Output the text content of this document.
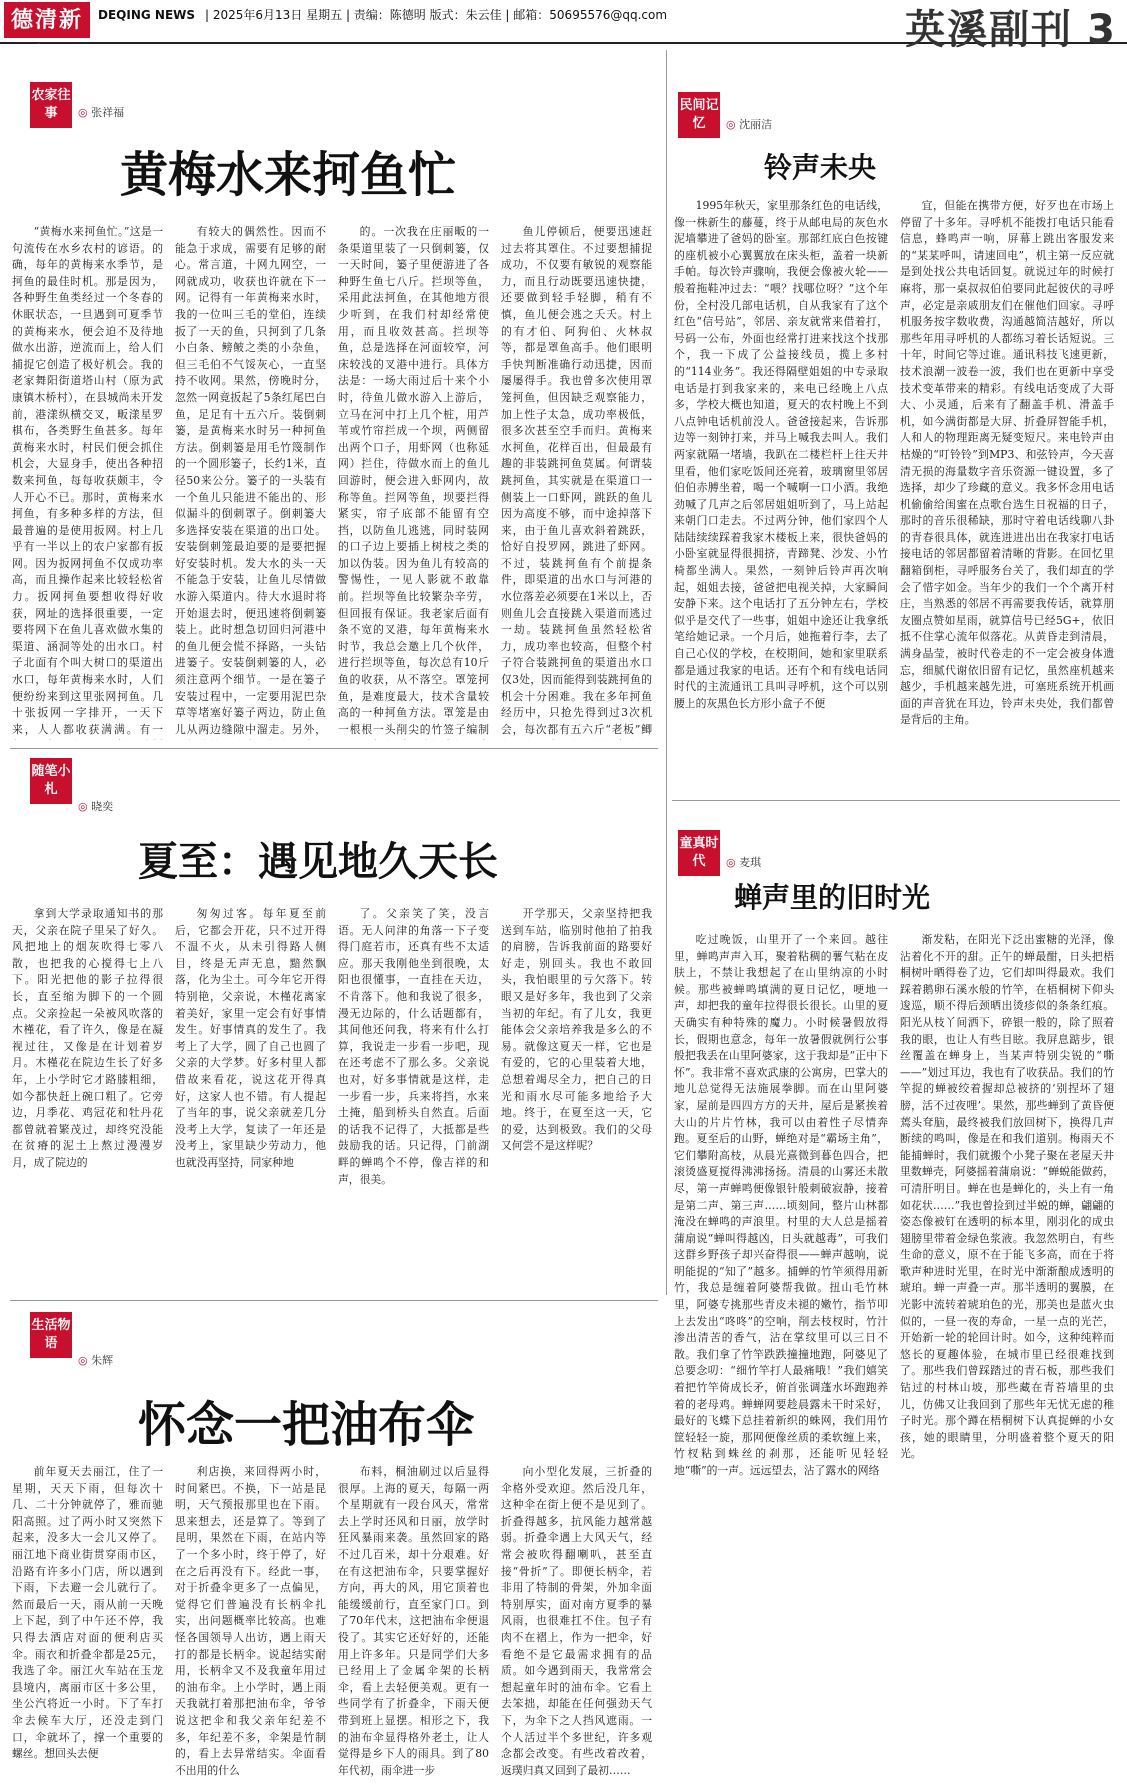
德清新闻
DEQING NEWS | 2025年6月13日 星期五 | 责编：陈德明 版式：朱云佳 | 邮箱：50695576@qq.com	英溪副刊 3
农家往事	◎ 张祥福
黄梅水来抲鱼忙

“黄梅水来抲鱼忙。”这是一句流传在水乡农村的谚语。的确，每年的黄梅来水季节，是抲鱼的最佳时机。那是因为，各种野生鱼类经过一个冬春的休眠状态，一旦遇到可夏季节的黄梅来水，便会迫不及待地做水出游，逆流而上，给人们捕捉它创造了极好机会。我的老家舞阳街道塔山村（原为武康镇木桥村），在县城尚未开发前，港漾纵横交叉，畈漾星罗棋布，各类野生鱼甚多。每年黄梅来水时，村民们便会抓住机会，大显身手，使出各种招数来抲鱼，每每收获颇丰，令人开心不已。那时，黄梅来水抲鱼，有多种多样的方法，但最普遍的是使用扳网。村上几乎有一半以上的农户家都有扳网。因为扳网抲鱼不仅成功率高，而且操作起来比较轻松省力。扳网抲鱼要想收得好收获，网址的选择很重要，一定要将网下在鱼儿喜欢做水集的渠道、涵洞等处的出水口。村子北面有个叫大树口的渠道出水口，每年黄梅来水时，人们便纷纷来到这里张网抲鱼。几十张扳网一字排开，一天下来，人人都收获满满。有一

有较大的偶然性。因而不能急于求成，需要有足够的耐心。常言道，十网九网空，一网就成功，收获也许就在下一网。记得有一年黄梅来水时，我的一位叫三毛的堂伯，连续扳了一天的鱼，只抲到了几条小白条、鳑鲏之类的小杂鱼，但三毛伯不气馁灰心，一直坚持不收网。果然，傍晚时分，忽然一网竟扳起了5条红尾巴白鱼，足足有十五六斤。装倒刺篓，是黄梅来水时另一种抲鱼方法。倒刺篓是用毛竹篾制作的一个圆形篓子，长约1米，直径50来公分。篓子的一头装有一个鱼儿只能进不能出的、形似漏斗的倒刺罩子。倒刺篓大多选择安装在渠道的出口处。安装倒刺笼最迫要的是要把握好安装时机。发大水的头一天不能急于安装，让鱼儿尽情做水游入渠道内。待大水退时将开始退去时，便迅速将倒刺篓装上。此时想急切回归河港中的鱼儿便会慌不择路，一头钻进篓子。安装倒刺篓的人，必须注意两个细节。一是在篓子安装过程中，一定要用泥巴杂草等堵塞好篓子两边，防止鱼儿从两边缝隙中溜走。另外，

的。一次我在庄丽畈的一条渠道里装了一只倒刺篓，仅一天时间，篓子里便游进了各种野生鱼七八斤。拦坝等鱼，采用此法抲鱼，在其他地方很少听到，在我们村却经常使用，而且收效甚高。拦坝等鱼，总是选择在河面较窄，河床较浅的叉港中进行。具体方法是：一场大雨过后十来个小时，待鱼儿做水游入上游后，立马在河中打上几个桩，用芦苇或竹帘拦成一个坝，两侧留出两个口子，用虾网（也称延网）拦住，待做水而上的鱼儿回游时，便会进入虾网内，故称等鱼。拦网等鱼，坝要拦得紧实，帘子底部不能留有空挡，以防鱼儿逃逃，同时装网的口子边上要插上树枝之类的加以伪装。因为鱼儿有较高的警惕性，一见人影就不敢靠前。拦坝等鱼比较繁杂辛劳，但回报有保证。我老家后面有条不宽的叉港，每年黄梅来水时节，我总会邀上几个伙伴，进行拦坝等鱼，每次总有10斤鱼的收获，从不落空。罩笼抲鱼，是难度最大，技术含量较高的一种抲鱼方法。罩笼是由一根根一头削尖的竹签子编制

鱼儿停顿后，便要迅速赶过去将其罩住。不过要想捕捉成功，不仅要有敏锐的观察能力，而且行动既要迅速快捷，还要做到轻手轻脚，稍有不慎，鱼儿便会逃之夭夭。村上的有才伯、阿狗伯、火林叔等，都是罩鱼高手。他们眼明手快判断准确行动迅捷，因而屡屡得手。我也曾多次使用罩笼抲鱼，但因缺乏观察能力，加上性子太急，成功率极低，很多次甚至空手而归。黄梅来水抲鱼，花样百出，但最最有趣的非装跳抲鱼莫属。何谓装跳抲鱼，其实就是在渠道口一侧装上一口虾网，跳跃的鱼儿因为高度不够，而中途掉落下来，由于鱼儿喜欢斜着跳跃，恰好自投罗网，跳进了虾网。不过，装跳抲鱼有个前提条件，即渠道的出水口与河港的水位落差必须要在1米以上，否则鱼儿会直接跳入渠道而逃过一劫。装跳抲鱼虽然轻松省力，成功率也较高，但整个村子符合装跳抲鱼的渠道出水口仅3处，因而能得到装跳抲鱼的机会十分困难。我在多年抲鱼经历中，只抢先得到过3次机会，每次都有五六斤“老板”鲫

民间记忆	◎ 沈丽洁
铃声未央

1995年秋天，家里那条红色的电话线，像一株新生的藤蔓，终于从邮电局的灰色水泥墙攀进了爸妈的卧室。那部红底白色按键的座机被小心翼翼放在床头柜，盖着一块新手帕。每次铃声骤响，我便会像被火轮——般着拖鞋冲过去：“喂？找哪位呀？”这个年份，全村没几部电话机，自从我家有了这个红色“信号站”，邻居、亲友就常来借着打，号码一公布，外面也经常打进来找这个找那个，我一下成了公益接线员，揽上多村的“114业务”。我还得隔壁姐姐的中专录取电话是打到我家来的，来电已经晚上八点多，学校大概也知道，夏天的农村晚上不到八点钟电话机前没人。爸爸接起来，告诉那边等一刻钟打来，并马上喊我去叫人。我们两家就隔一堵墙，我趴在二楼栏杆上往天井里看，他们家吃饭间还亮着，玻璃窗里邻居伯伯赤膊坐着，喝一个喊啊一口小酒。我绝劲喊了几声之后邻居姐姐听到了，马上站起来朝门口走去。不过两分钟，他们家四个人陆陆续续踩着我家木楼板上来，很快爸妈的小卧室就显得很拥挤，青蹄凳、沙发、小竹椅都坐满人。果然，一刻钟后铃声再次响起，姐姐去接，爸爸把电视关掉，大家瞬间安静下来。这个电话打了五分钟左右，学校似乎是交代了一些事，姐姐中途还让我拿纸笔给她记录。一个月后，她拖着行李，去了自己心仪的学校，在校期间，她和家里联系都是通过我家的电话。还有个和有线电话同时代的主流通讯工具叫寻呼机，这个可以别腰上的灰黑色长方形小盒子不便

宜，但能在携带方便，好歹也在市场上停留了十多年。寻呼机不能拨打电话只能看信息，蜂鸣声一响，屏幕上跳出客服发来的“某某呼叫，请速回电”，机主第一反应就是到处找公共电话回复。就说过年的时候打麻将，那一桌叔叔伯伯要同此起彼伏的寻呼声，必定是亲戚朋友们在催他们回家。寻呼机服务按字数收费，沟通越简洁越好，所以那些年用寻呼机的人都练习着长话短说。三十年，时间它等过谁。通讯科技飞速更新，技术浪潮一波卷一波，我们也在更新中享受技术变革带来的精彩。有线电话变成了大哥大、小灵通，后来有了翻盖手机、滑盖手机，如今满街都是大屏、折叠屏智能手机，人和人的物理距离无疑变短尺。来电铃声由枯燥的“叮铃铃”到MP3、和弦铃声，今天喜清无损的海量数字音乐资源一键设置，多了选择，却少了珍藏的意义。我多怀念用电话机偷偷给闺蜜在点歌台选生日祝福的日子，那时的音乐很稀缺，那时守着电话线聊八卦的青春很具体，就连进进出出在我家打电话接电话的邻居都留着清晰的背影。在回忆里翻箱倒柜，寻呼服务台关了，我们却直的学会了惜字如金。当年少的我们一个个离开村庄，当熟悉的邻居不再需要我传话，就算朋友圈点赞如星雨，就算信号已经5G+，依旧抵不住掌心流年似落花。从黄昏走到清晨，满身晶莹，被时代卷走的不一定会被身体遗忘，细腻代谢依旧留有记忆，虽然座机越来越少，手机越来越先进，可塞班系统开机画面的声音犹在耳边，铃声未央处，我们都曾是背后的主角。

随笔小札
◎ 晓奕
夏至：遇见地久天长

拿到大学录取通知书的那天，父亲在院子里呆了好久。风把地上的烟灰吹得七零八散，也把我的心搅得七上八下。阳光把他的影子拉得很长，直至缩为脚下的一个圆点。父亲捡起一朵被风吹落的木槿花，看了许久，像是在凝视过往，又像是在计划着岁月。木槿花在院边生长了好多年，上小学时它才路膝粗细，如今都快赶上碗口粗了。它旁边，月季花、鸡冠花和牡丹花都曾就着繁茂过，却终究没能在贫瘠的泥土上熬过漫漫岁月，成了院边的

匆匆过客。每年夏至前后，它都会开花，只不过开得不温不火，从未引得路人侧目，终是无声无息，黯然飘落，化为尘土。可今年它开得特别艳，父亲说，木槿花离家着美好，家里一定会有好事情发生。好事情真的发生了。我考上了大学，圆了自己也圆了父亲的大学梦。好多村里人都借故来看花，说这花开得真好，这家人也不错。有人提起了当年的事，说父亲就差几分没考上大学，复读了一年还是没考上，家里缺少劳动力，他也就没再坚持，同家种地

了。父亲笑了笑，没言语。无人问津的角落一下子变得门庭若市，还真有些不太适应。那天我刚他坐到很晚，太阳也很懂事，一直挂在天边，不肯落下。他和我说了很多，漫无边际的，什么话题都有，其间他还问我，将来有什么打算，我说走一步看一步吧，现在还考虑不了那么多。父亲说也对，好多事情就是这样，走一步看一步，兵来将挡，水来土掩，船到桥头自然直。后面的话我不记得了，大抵都是些鼓励我的话。只记得，门前湖畔的蝉鸣个不停，像吉祥的和声，很美。

开学那天，父亲坚持把我送到车站，临别时他拍了拍我的肩膀，告诉我前面的路要好好走，别回头。我也不敢回头，我怕眼里的亏欠落下。转眼又是好多年，我也到了父亲当初的年纪。有了儿女，我更能体会父亲培养我是多么的不易。就像这夏天一样，它也是有爱的，它的心里装着大地，总想着竭尽全力，把自己的日光和雨水尽可能多地给予大地。终于，在夏至这一天，它的爱，达到极致。我们的父母又何尝不是这样呢？

童真时代	◎ 麦琪
蝉声里的旧时光

吃过晚饭，山里开了一个来回。越往里，蝉鸣声声入耳，聚着粘稠的薯气粘在皮肤上，不禁让我想起了在山里纳凉的小时候。那些被蝉鸣填满的夏日记忆，哽地一声，却把我的童年拉得很长很长。山里的夏天确实有种特殊的魔力。小时候暑假放得长，假期也意念，每年一放暑假就例行公事般把我丢在山里阿婆家，这于我却是“正中下怀”。我非常不喜欢武康的公寓房，巴掌大的地儿总觉得无法施展拳脚。而在山里阿婆家，屋前是四四方方的天井，屋后是紧挨着大山的片片竹林，我可以由着性子尽情奔跑。夏至后的山野，蝉绝对是“霸场主角”，它们攀附高枝，从晨光熹微到暮色四合，把滚烫盛夏搅得沸沸扬扬。清晨的山雾还未散尽，第一声蝉鸣便像银针般刺破寂静，接着是第二声、第三声……顷刻间，整片山林都淹没在蝉鸣的声浪里。村里的大人总是摇着蒲扇说“蝉叫得越凶，日头就越毒”，可我们这群乡野孩子却兴奋得很——蝉声越响，说明能捉的“知了”越多。捕蝉的竹竿须得用新竹，我总是缠着阿婆帮我做。扭山毛竹林里，阿婆专挑那些青皮未褪的嫩竹，指节叩上去发出“咚咚”的空响，削去枝杈时，竹汁渗出清苦的香气，沾在掌纹里可以三日不散。我们拿了竹竿跌跌撞撞地跑，阿婆见了总要念叨：“细竹竿打人最痛哦！”我们嬉笑着把竹竿倚成长矛，俯首张调蓬水坏跑跑养着的老母鸡。蝉蝉网要趁晨露未干时采好，最好的飞蝶下总挂着新织的蛛网，我们用竹筐轻轻一旋，那网便像丝质的柔软缠上来，竹杈粘到蛛丝的刹那，还能听见轻轻地“嘶”的一声。远远望去，沾了露水的网络

渐发粘，在阳光下泛出蜜糖的光泽，像沾着化不开的甜。正午的蝉最酣，日头把梧桐树叶晒得卷了边，它们却叫得最欢。我们踩着鹅卵石溪水般的竹竿，在梧桐树下仰头逡巡，顺不得后颈晒出烫疹似的条条红痕。阳光从枝丫间洒下，碎银一般的，除了照着我的眼，也让人有些目眩。我屏息踮步，银丝覆盖在蝉身上，当某声特别尖锐的“嘶——”划过耳边，我也有了收获品。我们的竹竿捉的蝉被绞着握却总被挤的‘别捏坏了翅膀，活不过夜哩’。果然，那些蝉到了黄昏便蔫头耷脑，最终被我们放回树下，换得几声断续的鸣叫，像是在和我们道别。梅雨天不能捕蝉时，我们就搬个小凳子聚在老屋天井里数蝉壳，阿婆摇着蒲扇说：“蝉蜕能做药，可清肝明目。蝉在也是蝉化的，头上有一角如花状……”我也曾捡到过半蜕的蝉，翩翩的姿态像被钉在透明的标本里，刚羽化的成虫翅膀里带着金绿色浆液。我忽然明白，有些生命的意义，原不在于能飞多高，而在于将歌声种进时光里，在时光中渐渐酿成透明的琥珀。蝉一声叠一声。那半透明的翼膜，在光影中流转着琥珀色的光，那美也是蓝火虫似的，一昼一夜的寿命，一星一点的光芒，开始新一轮的轮回计时。如今，这种纯粹而悠长的夏趣体验，在城市里已经很难找到了。那些我们曾踩踏过的青石板，那些我们钻过的村林山坡，那些藏在青苔墙里的虫儿，仿佛又让我回到了那些年无忧无虑的稚子时光。那个蹲在梧桐树下认真捉蝉的小女孩，她的眼睛里，分明盛着整个夏天的阳光。

生活物语
◎ 朱辉
怀念一把油布伞

前年夏天去丽江，住了一星期，天天下雨，但每次十几、二十分钟就停了，雅而驰阳高照。过了两小时又突然下起来，没多大一会儿又停了。丽江地下商业街贯穿雨市区，沿路有许多小门店，所以遇到下雨，下去避一会儿就行了。然而最后一天，雨从前一天晚上下起，到了中午还不停，我只得去酒店对面的便利店买伞。雨衣和折叠伞都是25元，我选了伞。丽江火车站在玉龙县境内，离丽市区十多公里，坐公汽将近一小时。下了车打伞去候车大厅，还没走到门口，伞就坏了，撑一个重要的螺丝。想回头去便

利店换，来回得两小时，时间紧巴。不换，下一站是昆明，天气预报那里也在下雨。思来想去，还是算了。等到了昆明，果然在下雨，在站内等了一个多小时，终于停了，好在之后再没有下。经此一事，对于折叠伞更多了一点偏见，觉得它们普遍没有长柄伞扎实，出问题概率比较高。也难怪各国领导人出访，遇上雨天打的都是长柄伞。说起结实耐用，长柄伞又不及我童年用过的油布伞。上小学时，遇上雨天我就打着那把油布伞，爷爷说这把伞和我父亲年纪差不多，年纪差不多，伞架是竹制的，看上去异常结实。伞面看不出用的什么

布料，桐油刷过以后显得很厚。上海的夏天，每隔一两个星期就有一段台风天，常常去上学时还风和日丽，放学时狂风暴雨来袭。虽然回家的路不过几百米，却十分艰难。好在有这把油布伞，只要掌握好方向，再大的风，用它顶着也能缓缓前行，直至家门口。到了70年代末，这把油布伞便退役了。其实它还好好的，还能用上许多年。只是同学们大多已经用上了金属伞架的长柄伞，看上去轻便美观。更有一些同学有了折叠伞，下雨天便带到班上显摆。相形之下，我的油布伞显得格外老土，让人觉得是乡下人的雨具。到了80年代初，雨伞进一步

向小型化发展，三折叠的伞格外受欢迎。然后没几年，这种伞在街上便不是见到了。折叠得越多，抗风能力越常越弱。折叠伞遇上大风天气，经常会被吹得翻喇叭，甚至直接“骨折”了。即便长柄伞，若非用了特制的骨架，外加伞面特别厚实，面对南方夏季的暴风雨，也很难扛不住。包子有肉不在褶上，作为一把伞，好看绝不是它最需求拥有的品质。如今遇到雨天，我常常会想起童年时的油布伞。它看上去笨拙，却能在任何强劲天气下，为伞下之人挡风遮雨。一个人活过半个多世纪，许多观念都会改变。有些改着改着，返璞归真又回到了最初……
